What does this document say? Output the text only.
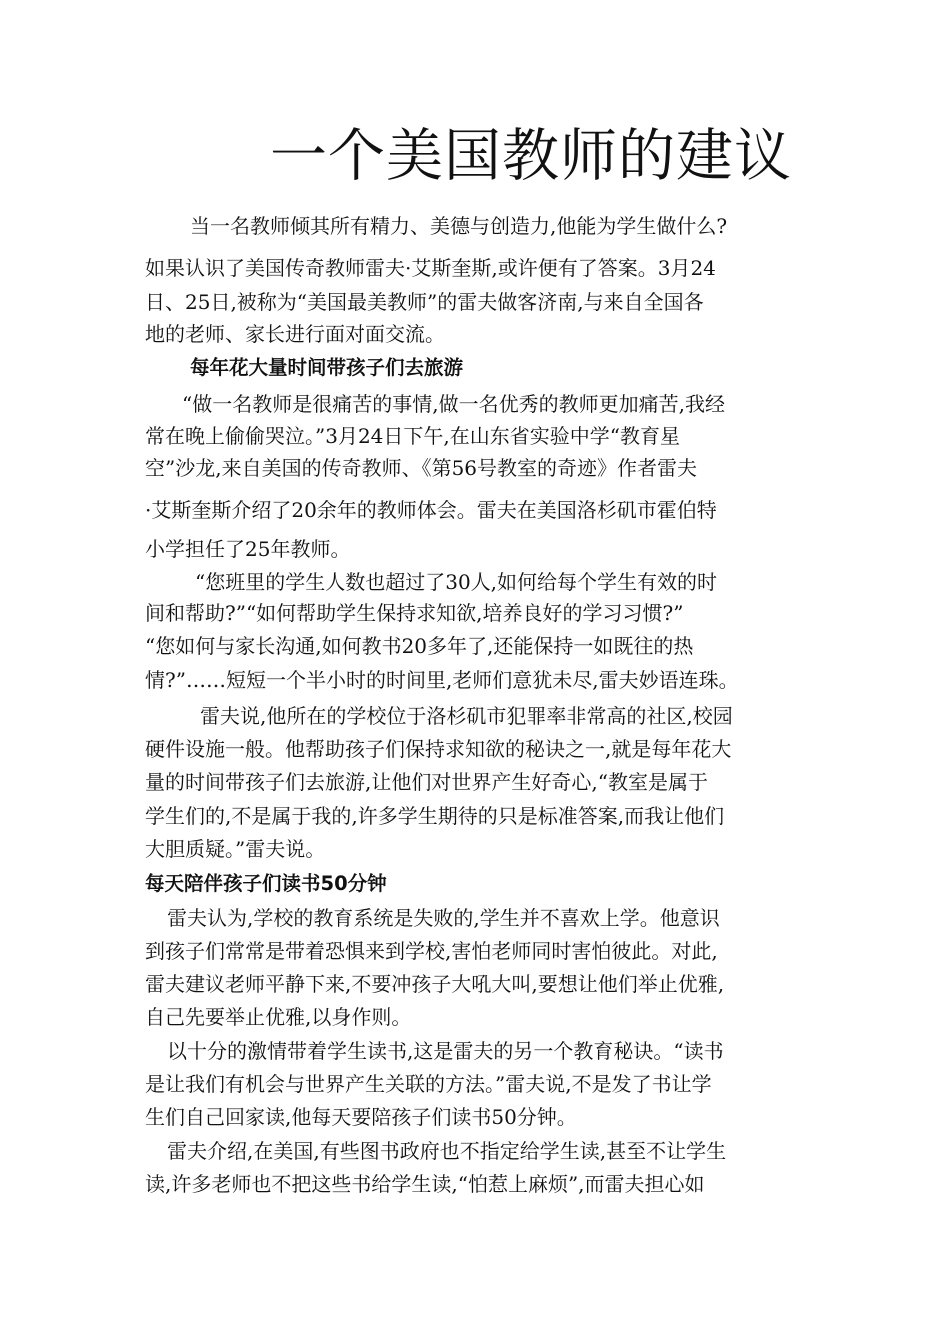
一个美国教师的建议

当一名教师倾其所有精力、美德与创造力,他能为学生做什么?

如果认识了美国传奇教师雷夫·艾斯奎斯,或许便有了答案。3月24

日、25日,被称为“美国最美教师”的雷夫做客济南,与来自全国各

地的老师、家长进行面对面交流。

每年花大量时间带孩子们去旅游

“做一名教师是很痛苦的事情,做一名优秀的教师更加痛苦,我经

常在晚上偷偷哭泣。”3月24日下午,在山东省实验中学“教育星

空”沙龙,来自美国的传奇教师、《第56号教室的奇迹》作者雷夫

·艾斯奎斯介绍了20余年的教师体会。雷夫在美国洛杉矶市霍伯特

小学担任了25年教师。

“您班里的学生人数也超过了30人,如何给每个学生有效的时

间和帮助?”“如何帮助学生保持求知欲,培养良好的学习习惯?”

“您如何与家长沟通,如何教书20多年了,还能保持一如既往的热

情?”……短短一个半小时的时间里,老师们意犹未尽,雷夫妙语连珠。

雷夫说,他所在的学校位于洛杉矶市犯罪率非常高的社区,校园

硬件设施一般。他帮助孩子们保持求知欲的秘诀之一,就是每年花大

量的时间带孩子们去旅游,让他们对世界产生好奇心,“教室是属于

学生们的,不是属于我的,许多学生期待的只是标准答案,而我让他们

大胆质疑。”雷夫说。

每天陪伴孩子们读书50分钟

雷夫认为,学校的教育系统是失败的,学生并不喜欢上学。他意识

到孩子们常常是带着恐惧来到学校,害怕老师同时害怕彼此。对此,

雷夫建议老师平静下来,不要冲孩子大吼大叫,要想让他们举止优雅,

自己先要举止优雅,以身作则。

以十分的激情带着学生读书,这是雷夫的另一个教育秘诀。“读书

是让我们有机会与世界产生关联的方法。”雷夫说,不是发了书让学

生们自己回家读,他每天要陪孩子们读书50分钟。

雷夫介绍,在美国,有些图书政府也不指定给学生读,甚至不让学生

读,许多老师也不把这些书给学生读,“怕惹上麻烦”,而雷夫担心如
